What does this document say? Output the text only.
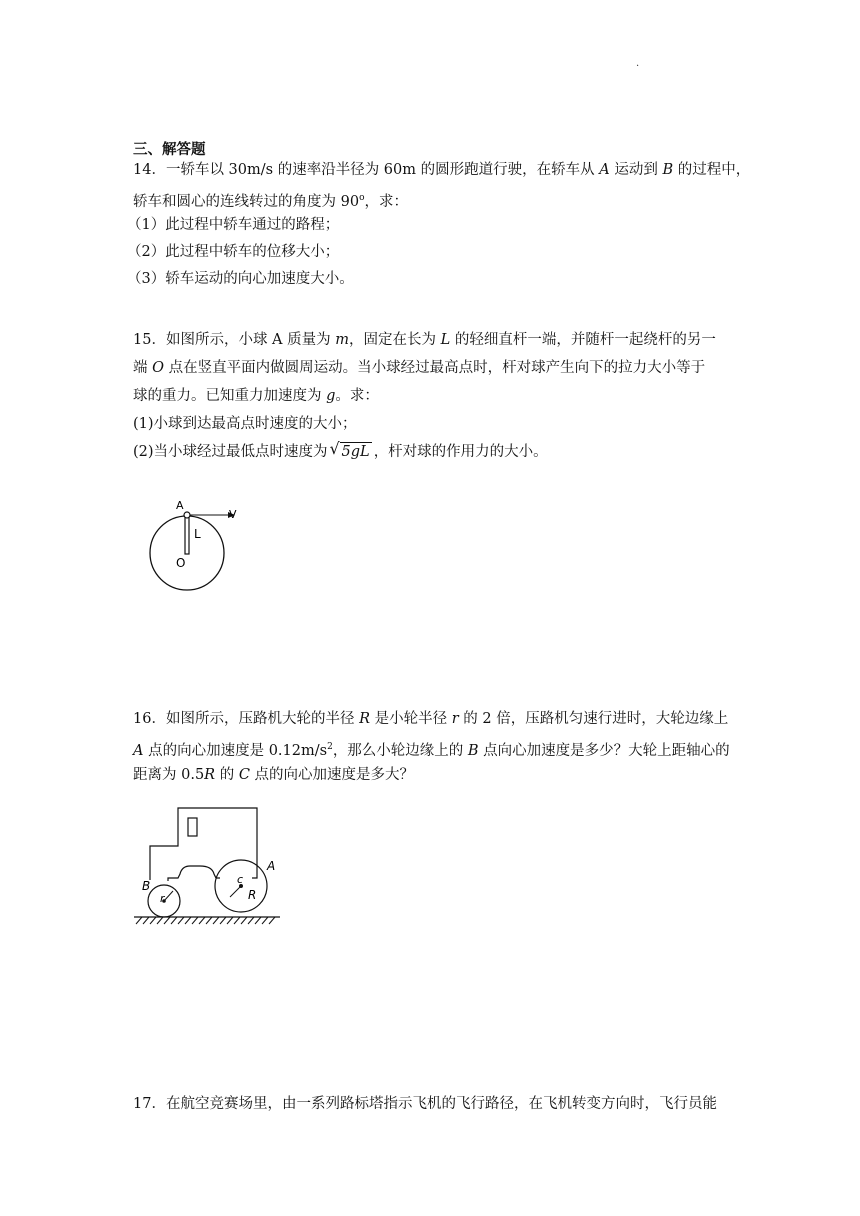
.
三、解答题
14．一轿车以 30m/s 的速率沿半径为 60m 的圆形跑道行驶，在轿车从 A 运动到 B 的过程中，
轿车和圆心的连线转过的角度为 90$^o$，求：
（1）此过程中轿车通过的路程；
（2）此过程中轿车的位移大小；
（3）轿车运动的向心加速度大小。
15．如图所示，小球 A 质量为 m，固定在长为 L 的轻细直杆一端，并随杆一起绕杆的另一
端 O 点在竖直平面内做圆周运动。当小球经过最高点时，杆对球产生向下的拉力大小等于
球的重力。已知重力加速度为 g。求：
(1)小球到达最高点时速度的大小；
(2)当小球经过最低点时速度为 √ 5gL ，杆对球的作用力的大小。
A
V
L
O
16．如图所示，压路机大轮的半径 R 是小轮半径 r 的 2 倍，压路机匀速行进时，大轮边缘上
A 点的向心加速度是 $0.12m/s^2$，那么小轮边缘上的 B 点向心加速度是多少？大轮上距轴心的
距离为 0.5R 的 C 点的向心加速度是多大？
B
r
A
c
R
17．在航空竞赛场里，由一系列路标塔指示飞机的飞行路径，在飞机转变方向时，飞行员能
